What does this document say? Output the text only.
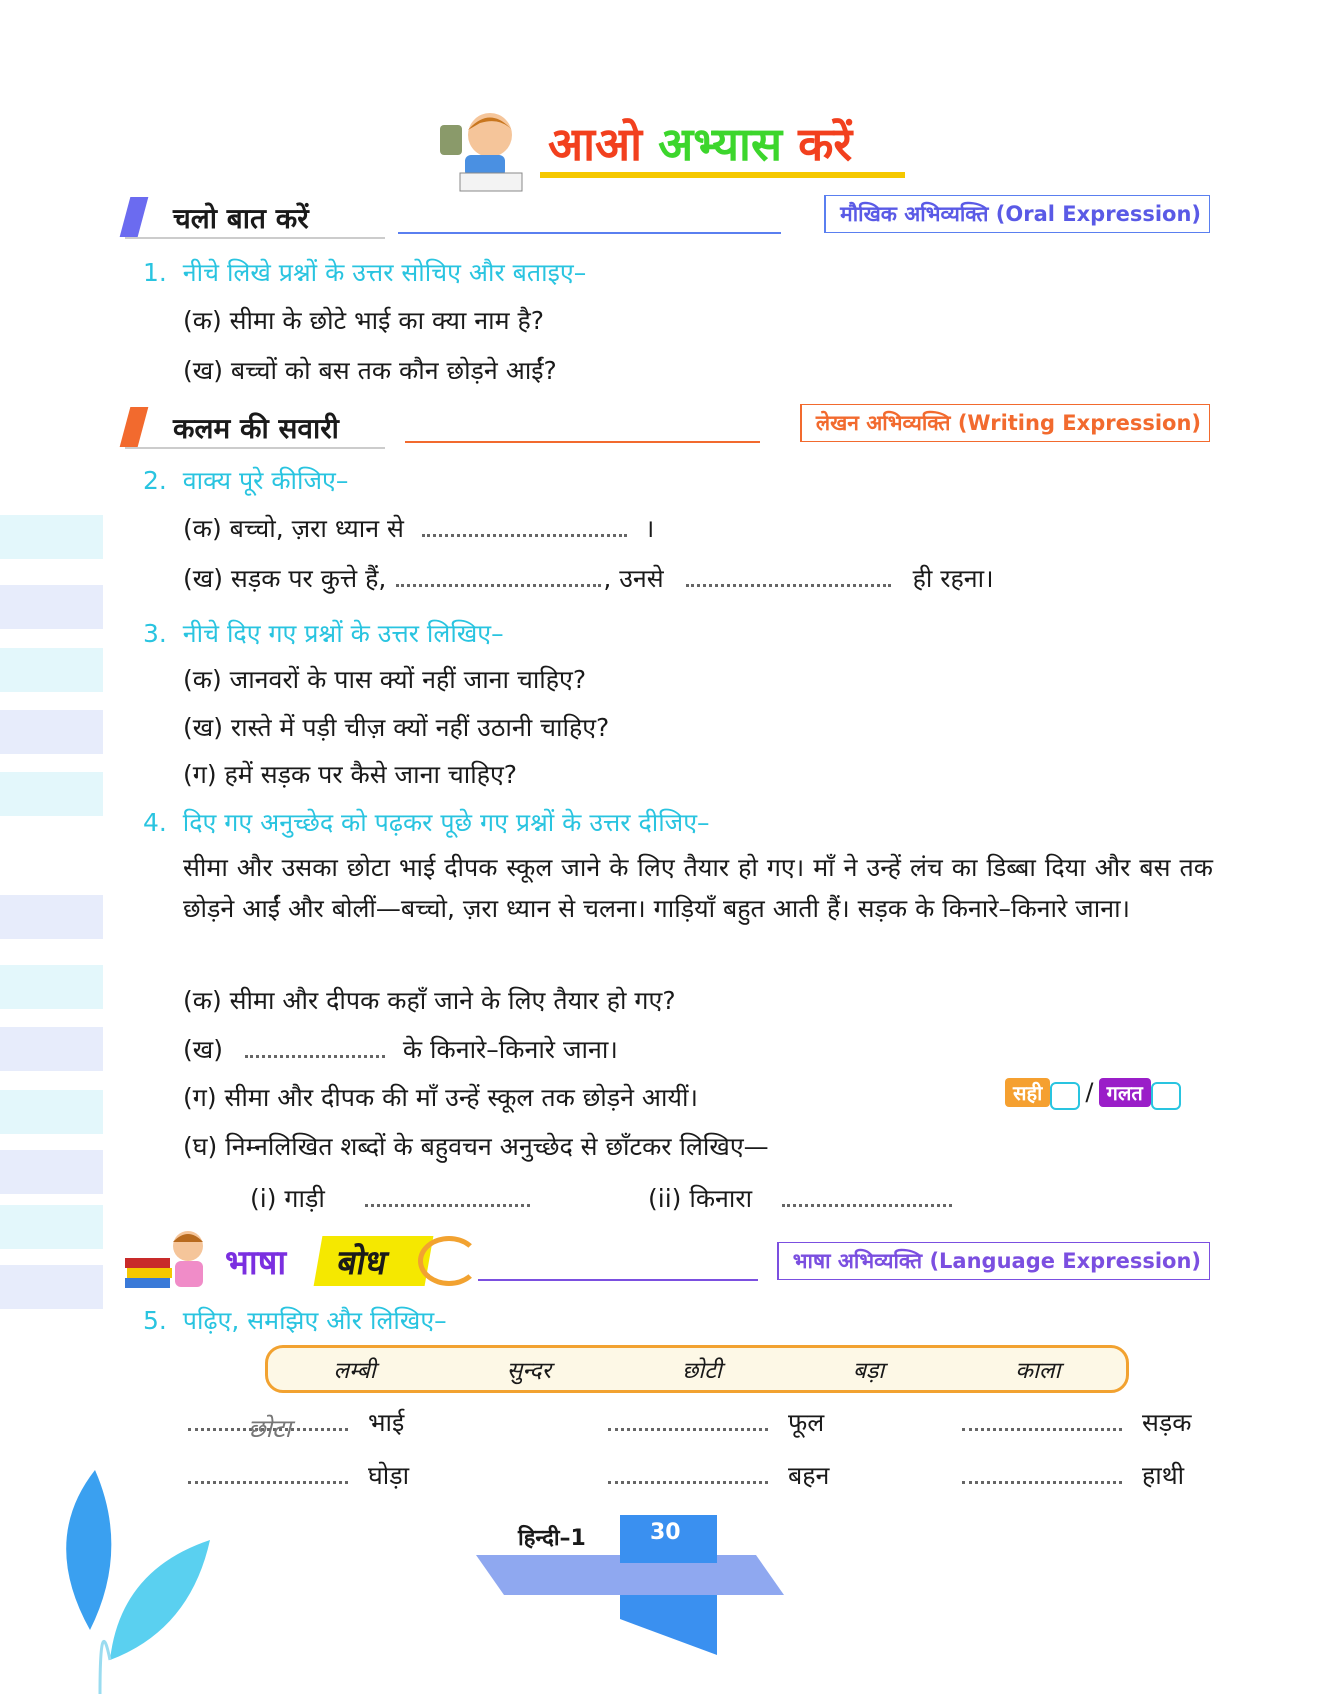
आओ अभ्यास करें
चलो बात करें	मौखिक अभिव्यक्ति (Oral Expression)
1. नीचे लिखे प्रश्नों के उत्तर सोचिए और बताइए–
(क) सीमा के छोटे भाई का क्या नाम है?
(ख) बच्चों को बस तक कौन छोड़ने आईं?
कलम की सवारी	लेखन अभिव्यक्ति (Writing Expression)
2. वाक्य पूरे कीजिए–
(क) बच्चो, ज़रा ध्यान से	।
(ख) सड़क पर कुत्ते हैं,	, उनसे	ही रहना।
3. नीचे दिए गए प्रश्नों के उत्तर लिखिए–
(क) जानवरों के पास क्यों नहीं जाना चाहिए?
(ख) रास्ते में पड़ी चीज़ क्यों नहीं उठानी चाहिए?
(ग) हमें सड़क पर कैसे जाना चाहिए?
4. दिए गए अनुच्छेद को पढ़कर पूछे गए प्रश्नों के उत्तर दीजिए–
सीमा और उसका छोटा भाई दीपक स्कूल जाने के लिए तैयार हो गए। माँ ने उन्हें लंच का डिब्बा दिया और बस तक छोड़ने आईं और बोलीं—बच्चो, ज़रा ध्यान से चलना। गाड़ियाँ बहुत आती हैं। सड़क के किनारे–किनारे जाना।
(क) सीमा और दीपक कहाँ जाने के लिए तैयार हो गए?
(ख)	के किनारे–किनारे जाना।
(ग) सीमा और दीपक की माँ उन्हें स्कूल तक छोड़ने आयीं।	सही / गलत
(घ) निम्नलिखित शब्दों के बहुवचन अनुच्छेद से छाँटकर लिखिए—
(i) गाड़ी	(ii) किनारा
भाषा	बोध	भाषा अभिव्यक्ति (Language Expression)
5. पढ़िए, समझिए और लिखिए–
लम्बी	सुन्दर	छोटी	बड़ा	काला
छोटा	भाई	फूल	सड़क
घोड़ा	बहन	हाथी
हिन्दी–1	30
